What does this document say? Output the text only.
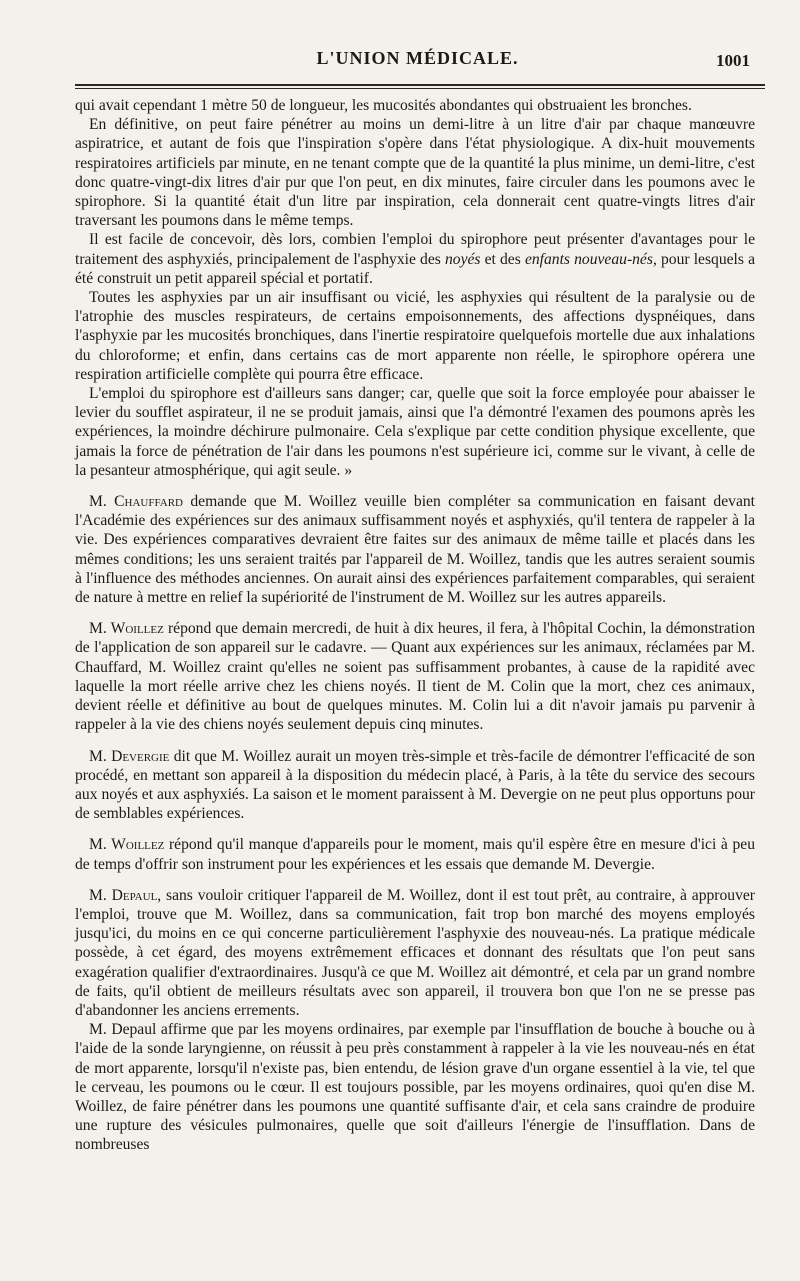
L'UNION MÉDICALE.	1001

qui avait cependant 1 mètre 50 de longueur, les mucosités abondantes qui obstruaient les bronches.

En définitive, on peut faire pénétrer au moins un demi-litre à un litre d'air par chaque manœuvre aspiratrice, et autant de fois que l'inspiration s'opère dans l'état physiologique. A dix-huit mouvements respiratoires artificiels par minute, en ne tenant compte que de la quantité la plus minime, un demi-litre, c'est donc quatre-vingt-dix litres d'air pur que l'on peut, en dix minutes, faire circuler dans les poumons avec le spirophore. Si la quantité était d'un litre par inspiration, cela donnerait cent quatre-vingts litres d'air traversant les poumons dans le même temps.

Il est facile de concevoir, dès lors, combien l'emploi du spirophore peut présenter d'avantages pour le traitement des asphyxiés, principalement de l'asphyxie des noyés et des enfants nouveau-nés, pour lesquels a été construit un petit appareil spécial et portatif.

Toutes les asphyxies par un air insuffisant ou vicié, les asphyxies qui résultent de la paralysie ou de l'atrophie des muscles respirateurs, de certains empoisonnements, des affections dyspnéiques, dans l'asphyxie par les mucosités bronchiques, dans l'inertie respiratoire quelquefois mortelle due aux inhalations du chloroforme; et enfin, dans certains cas de mort apparente non réelle, le spirophore opérera une respiration artificielle complète qui pourra être efficace.

L'emploi du spirophore est d'ailleurs sans danger; car, quelle que soit la force employée pour abaisser le levier du soufflet aspirateur, il ne se produit jamais, ainsi que l'a démontré l'examen des poumons après les expériences, la moindre déchirure pulmonaire. Cela s'explique par cette condition physique excellente, que jamais la force de pénétration de l'air dans les poumons n'est supérieure ici, comme sur le vivant, à celle de la pesanteur atmosphérique, qui agit seule. »

M. Chauffard demande que M. Woillez veuille bien compléter sa communication en faisant devant l'Académie des expériences sur des animaux suffisamment noyés et asphyxiés, qu'il tentera de rappeler à la vie. Des expériences comparatives devraient être faites sur des animaux de même taille et placés dans les mêmes conditions; les uns seraient traités par l'appareil de M. Woillez, tandis que les autres seraient soumis à l'influence des méthodes anciennes. On aurait ainsi des expériences parfaitement comparables, qui seraient de nature à mettre en relief la supériorité de l'instrument de M. Woillez sur les autres appareils.

M. Woillez répond que demain mercredi, de huit à dix heures, il fera, à l'hôpital Cochin, la démonstration de l'application de son appareil sur le cadavre. — Quant aux expériences sur les animaux, réclamées par M. Chauffard, M. Woillez craint qu'elles ne soient pas suffisamment probantes, à cause de la rapidité avec laquelle la mort réelle arrive chez les chiens noyés. Il tient de M. Colin que la mort, chez ces animaux, devient réelle et définitive au bout de quelques minutes. M. Colin lui a dit n'avoir jamais pu parvenir à rappeler à la vie des chiens noyés seulement depuis cinq minutes.

M. Devergie dit que M. Woillez aurait un moyen très-simple et très-facile de démontrer l'efficacité de son procédé, en mettant son appareil à la disposition du médecin placé, à Paris, à la tête du service des secours aux noyés et aux asphyxiés. La saison et le moment paraissent à M. Devergie on ne peut plus opportuns pour de semblables expériences.

M. Woillez répond qu'il manque d'appareils pour le moment, mais qu'il espère être en mesure d'ici à peu de temps d'offrir son instrument pour les expériences et les essais que demande M. Devergie.

M. Depaul, sans vouloir critiquer l'appareil de M. Woillez, dont il est tout prêt, au contraire, à approuver l'emploi, trouve que M. Woillez, dans sa communication, fait trop bon marché des moyens employés jusqu'ici, du moins en ce qui concerne particulièrement l'asphyxie des nouveau-nés. La pratique médicale possède, à cet égard, des moyens extrêmement efficaces et donnant des résultats que l'on peut sans exagération qualifier d'extraordinaires. Jusqu'à ce que M. Woillez ait démontré, et cela par un grand nombre de faits, qu'il obtient de meilleurs résultats avec son appareil, il trouvera bon que l'on ne se presse pas d'abandonner les anciens errements.

M. Depaul affirme que par les moyens ordinaires, par exemple par l'insufflation de bouche à bouche ou à l'aide de la sonde laryngienne, on réussit à peu près constamment à rappeler à la vie les nouveau-nés en état de mort apparente, lorsqu'il n'existe pas, bien entendu, de lésion grave d'un organe essentiel à la vie, tel que le cerveau, les poumons ou le cœur. Il est toujours possible, par les moyens ordinaires, quoi qu'en dise M. Woillez, de faire pénétrer dans les poumons une quantité suffisante d'air, et cela sans craindre de produire une rupture des vésicules pulmonaires, quelle que soit d'ailleurs l'énergie de l'insufflation. Dans de nombreuses
